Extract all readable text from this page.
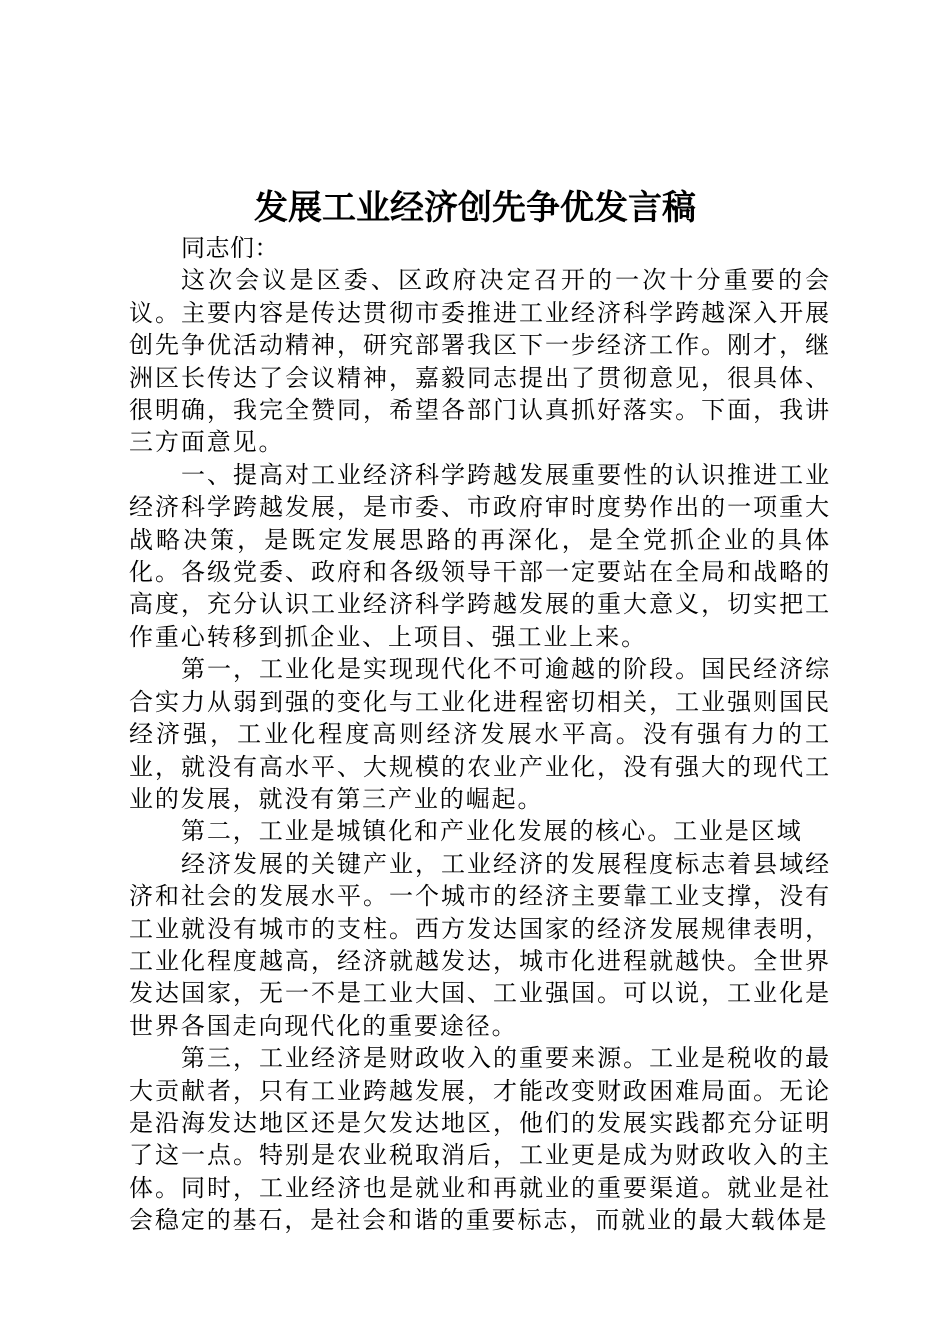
发展工业经济创先争优发言稿

同志们：

这次会议是区委、区政府决定召开的一次十分重要的会议。主要内容是传达贯彻市委推进工业经济科学跨越深入开展创先争优活动精神，研究部署我区下一步经济工作。刚才，继洲区长传达了会议精神，嘉毅同志提出了贯彻意见，很具体、很明确，我完全赞同，希望各部门认真抓好落实。下面，我讲三方面意见。

一、提高对工业经济科学跨越发展重要性的认识推进工业经济科学跨越发展，是市委、市政府审时度势作出的一项重大战略决策，是既定发展思路的再深化，是全党抓企业的具体化。各级党委、政府和各级领导干部一定要站在全局和战略的高度，充分认识工业经济科学跨越发展的重大意义，切实把工作重心转移到抓企业、上项目、强工业上来。

第一，工业化是实现现代化不可逾越的阶段。国民经济综合实力从弱到强的变化与工业化进程密切相关，工业强则国民经济强，工业化程度高则经济发展水平高。没有强有力的工业，就没有高水平、大规模的农业产业化，没有强大的现代工业的发展，就没有第三产业的崛起。

第二，工业是城镇化和产业化发展的核心。工业是区域

经济发展的关键产业，工业经济的发展程度标志着县域经济和社会的发展水平。一个城市的经济主要靠工业支撑，没有工业就没有城市的支柱。西方发达国家的经济发展规律表明，工业化程度越高，经济就越发达，城市化进程就越快。全世界发达国家，无一不是工业大国、工业强国。可以说，工业化是世界各国走向现代化的重要途径。

第三，工业经济是财政收入的重要来源。工业是税收的最大贡献者，只有工业跨越发展，才能改变财政困难局面。无论是沿海发达地区还是欠发达地区，他们的发展实践都充分证明了这一点。特别是农业税取消后，工业更是成为财政收入的主体。同时，工业经济也是就业和再就业的重要渠道。就业是社会稳定的基石，是社会和谐的重要标志，而就业的最大载体是
